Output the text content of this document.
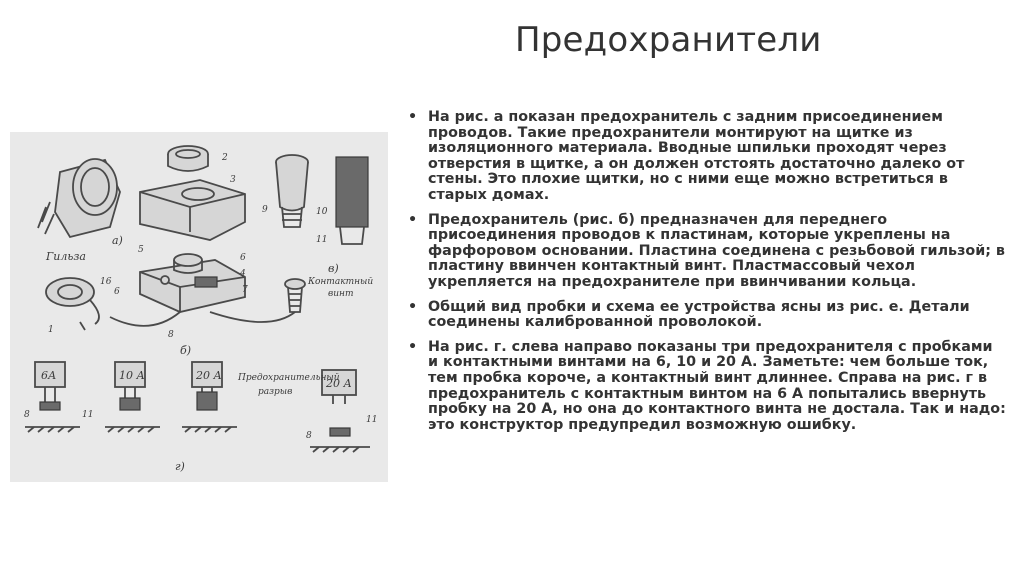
Предохранители
Гильза
а)
б)
в)
г)
Контактный
винт
Предохранительный
разрыв
6А	10 А	20 А
20 А
2
3
9	10
11
5
6
4
7
8
1
16
6
8	11
8
11
• На рис. а показан предохранитель с задним присоединением проводов. Такие предохранители монтируют на щитке из изоляционного материала. Вводные шпильки проходят через отверстия в щитке, а он должен отстоять достаточно далеко от стены. Это плохие щитки, но с ними еще можно встретиться в старых домах.
• Предохранитель (рис. б) предназначен для переднего присоединения проводов к пластинам, которые укреплены на фарфоровом основании. Пластина соединена с резьбовой гильзой; в пластину ввинчен контактный винт. Пластмассовый чехол укрепляется на предохранителе при ввинчивании кольца.
• Общий вид пробки и схема ее устройства ясны из рис. е. Детали соединены калиброванной проволокой.
• На рис. г. слева направо показаны три предохранителя с пробками и контактными винтами на 6, 10 и 20 А. Заметьте: чем больше ток, тем пробка короче, а контактный винт длиннее. Справа на рис. г в предохранитель с контактным винтом на 6 А попытались ввернуть пробку на 20 А, но она до контактного винта не достала. Так и надо: это конструктор предупредил возможную ошибку.
